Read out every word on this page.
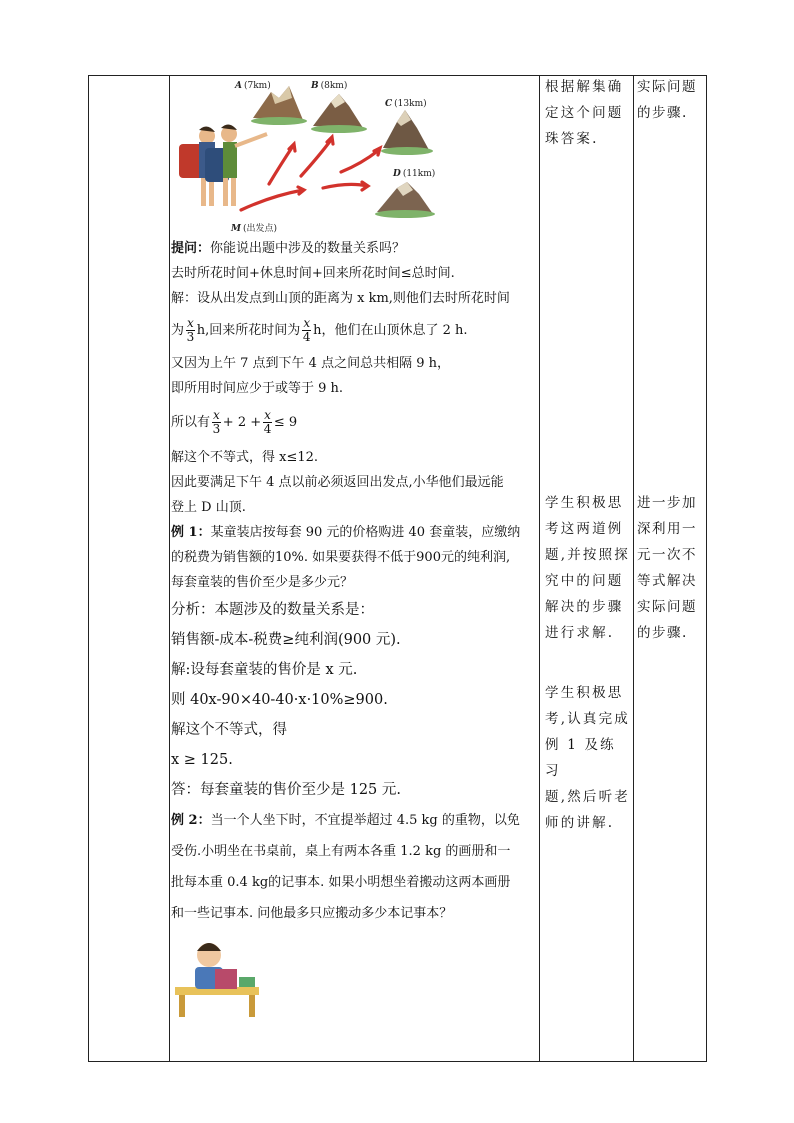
A (7km)	B (8km)
C (13km)
D (11km)
M (出发点)
提问：你能说出题中涉及的数量关系吗？
去时所花时间+休息时间+回来所花时间≤总时间.
解：设从出发点到山顶的距离为 x km,则他们去时所花时间
为 $\frac{x}{3} h$,回来所花时间为 $\frac{x}{4}$ h，他们在山顶休息了 2 h.
又因为上午 7 点到下午 4 点之间总共相隔 9 h，
即所用时间应少于或等于 9 h.
所以有 $\frac{x}{3} + 2 + \frac{x}{4} \le 9$
解这个不等式，得 x≤12.
因此要满足下午 4 点以前必须返回出发点,小华他们最远能
登上 D 山顶.
例 1：某童装店按每套 90 元的价格购进 40 套童装，应缴纳
的税费为销售额的10%. 如果要获得不低于900元的纯利润,
每套童装的售价至少是多少元？
分析：本题涉及的数量关系是：
销售额-成本-税费≥纯利润(900 元).
解:设每套童装的售价是 x 元.
则 40x-90×40-40·x·10%≥900.
解这个不等式，得
x ≥ 125.
答：每套童装的售价至少是 125 元.
例 2：当一个人坐下时，不宜提举超过 4.5 kg 的重物，以免
受伤.小明坐在书桌前，桌上有两本各重 1.2 kg 的画册和一
批每本重 0.4 kg的记事本. 如果小明想坐着搬动这两本画册
和一些记事本. 问他最多只应搬动多少本记事本？
根据解集确
定这个问题
珠答案.
学生积极思
考这两道例
题,并按照探
究中的问题
解决的步骤
进行求解.
学生积极思
考,认真完成
例 1 及练习
题,然后听老
师的讲解.
实际问题
的步骤.
进一步加
深利用一
元一次不
等式解决
实际问题
的步骤.
